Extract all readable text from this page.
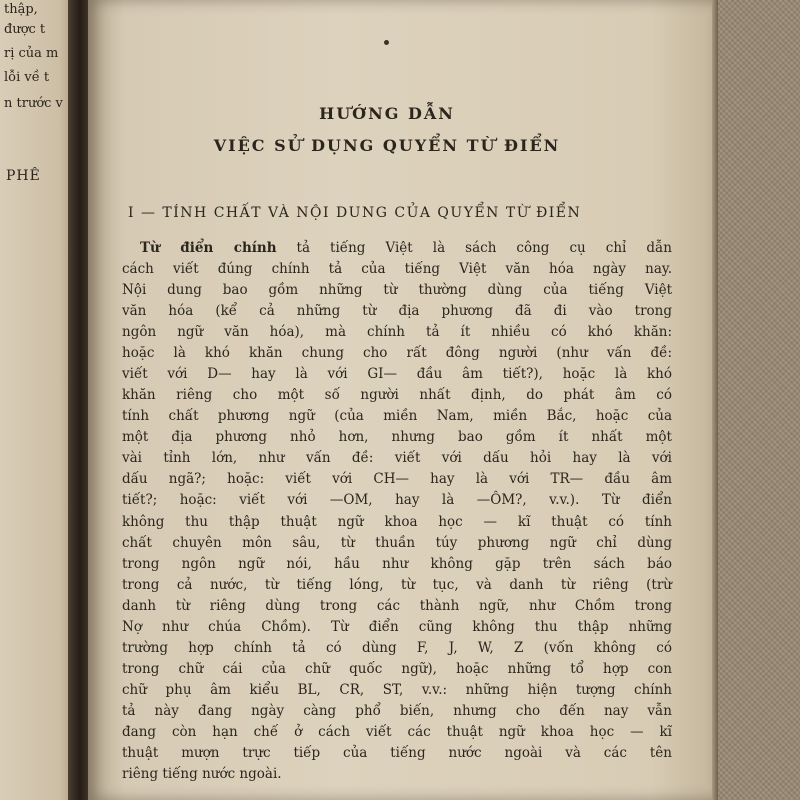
thập,
được t
rị của m
lỗi về t
n trước v
PHÊ
HƯỚNG DẪN
VIỆC SỬ DỤNG QUYỂN TỪ ĐIỂN
I — TÍNH CHẤT VÀ NỘI DUNG CỦA QUYỂN TỪ ĐIỂN
Từ điển chính tả tiếng Việt là sách công cụ chỉ dẫn
cách viết đúng chính tả của tiếng Việt văn hóa ngày nay.
Nội dung bao gồm những từ thường dùng của tiếng Việt
văn hóa (kể cả những từ địa phương đã đi vào trong
ngôn ngữ văn hóa), mà chính tả ít nhiều có khó khăn:
hoặc là khó khăn chung cho rất đông người (như vấn đề:
viết với D— hay là với GI— đầu âm tiết?), hoặc là khó
khăn riêng cho một số người nhất định, do phát âm có
tính chất phương ngữ (của miền Nam, miền Bắc, hoặc của
một địa phương nhỏ hơn, nhưng bao gồm ít nhất một
vài tỉnh lớn, như vấn đề: viết với dấu hỏi hay là với
dấu ngã?; hoặc: viết với CH— hay là với TR— đầu âm
tiết?; hoặc: viết với —OM, hay là —ÔM?, v.v.). Từ điển
không thu thập thuật ngữ khoa học — kĩ thuật có tính
chất chuyên môn sâu, từ thuần túy phương ngữ chỉ dùng
trong ngôn ngữ nói, hầu như không gặp trên sách báo
trong cả nước, từ tiếng lóng, từ tục, và danh từ riêng (trừ
danh từ riêng dùng trong các thành ngữ, như Chồm trong
Nợ như chúa Chồm). Từ điển cũng không thu thập những
trường hợp chính tả có dùng F, J, W, Z (vốn không có
trong chữ cái của chữ quốc ngữ), hoặc những tổ hợp con
chữ phụ âm kiểu BL, CR, ST, v.v.: những hiện tượng chính
tả này đang ngày càng phổ biến, nhưng cho đến nay vẫn
đang còn hạn chế ở cách viết các thuật ngữ khoa học — kĩ
thuật mượn trực tiếp của tiếng nước ngoài và các tên
riêng tiếng nước ngoài.
